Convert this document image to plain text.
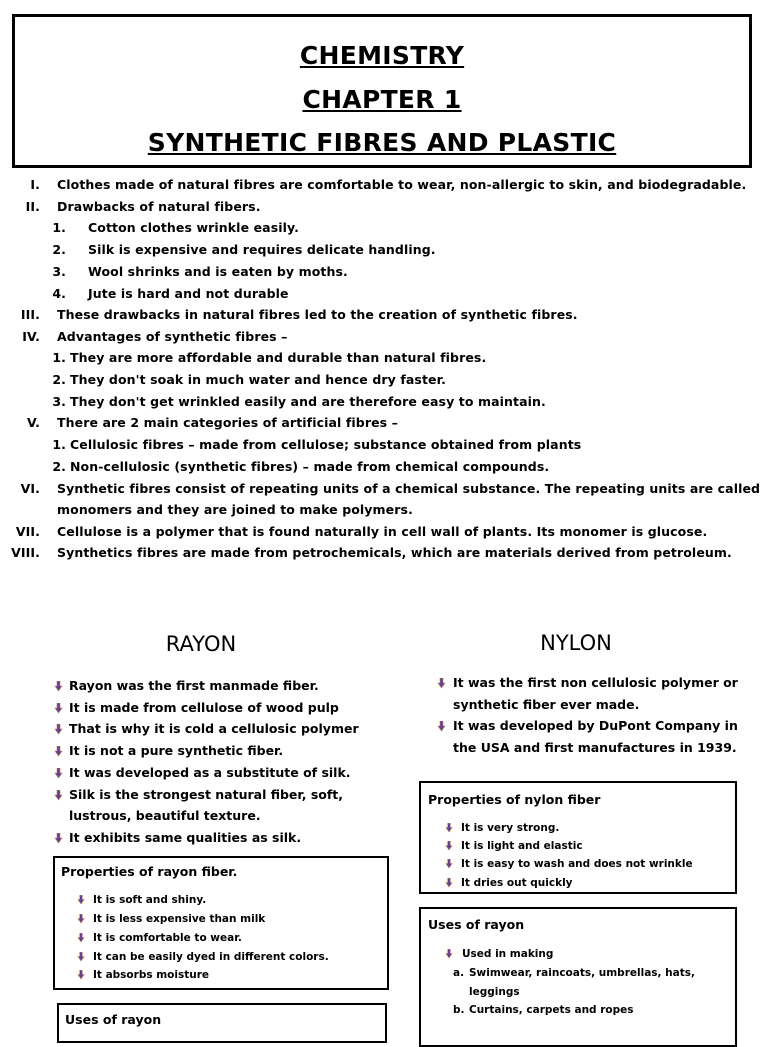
CHEMISTRY
CHAPTER 1
SYNTHETIC FIBRES AND PLASTIC
I. Clothes made of natural fibres are comfortable to wear, non-allergic to skin, and biodegradable.
II. Drawbacks of natural fibers.
1. Cotton clothes wrinkle easily.
2. Silk is expensive and requires delicate handling.
3. Wool shrinks and is eaten by moths.
4. Jute is hard and not durable
III. These drawbacks in natural fibres led to the creation of synthetic fibres.
IV. Advantages of synthetic fibres –
1. They are more affordable and durable than natural fibres.
2. They don't soak in much water and hence dry faster.
3. They don't get wrinkled easily and are therefore easy to maintain.
V. There are 2 main categories of artificial fibres –
1. Cellulosic fibres – made from cellulose; substance obtained from plants
2. Non-cellulosic (synthetic fibres) – made from chemical compounds.
VI. Synthetic fibres consist of repeating units of a chemical substance. The repeating units are called
monomers and they are joined to make polymers.
VII. Cellulose is a polymer that is found naturally in cell wall of plants. Its monomer is glucose.
VIII. Synthetics fibres are made from petrochemicals, which are materials derived from petroleum.
RAYON
Rayon was the first manmade fiber.
It is made from cellulose of wood pulp
That is why it is cold a cellulosic polymer
It is not a pure synthetic fiber.
It was developed as a substitute of silk.
Silk is the strongest natural fiber, soft,
lustrous, beautiful texture.
It exhibits same qualities as silk.
Properties of rayon fiber.
It is soft and shiny.
It is less expensive than milk
It is comfortable to wear.
It can be easily dyed in different colors.
It absorbs moisture
Uses of rayon
NYLON
It was the first non cellulosic polymer or
synthetic fiber ever made.
It was developed by DuPont Company in
the USA and first manufactures in 1939.
Properties of nylon fiber
It is very strong.
It is light and elastic
It is easy to wash and does not wrinkle
It dries out quickly
Uses of rayon
Used in making
a. Swimwear, raincoats, umbrellas, hats,
leggings
b. Curtains, carpets and ropes
